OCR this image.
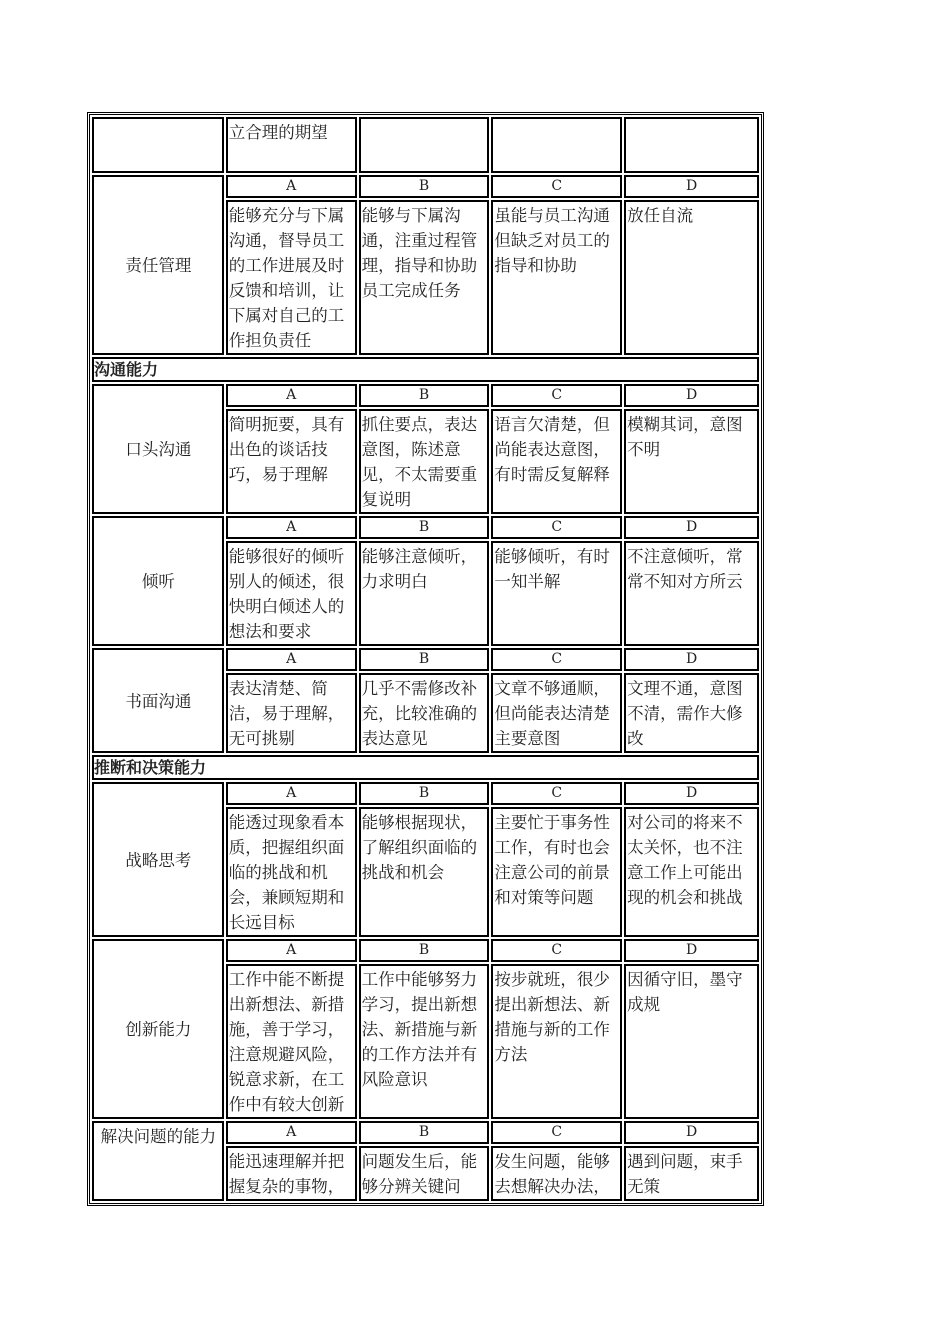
	立合理的期望			
责任管理	A	B	C	D
	能够充分与下属沟通，督导员工的工作进展及时反馈和培训，让下属对自己的工作担负责任	能够与下属沟通，注重过程管理，指导和协助员工完成任务	虽能与员工沟通但缺乏对员工的指导和协助	放任自流
沟通能力				
口头沟通	A	B	C	D
	简明扼要，具有出色的谈话技巧，易于理解	抓住要点，表达意图，陈述意见，不太需要重复说明	语言欠清楚，但尚能表达意图，有时需反复解释	模糊其词，意图不明
倾听	A	B	C	D
	能够很好的倾听别人的倾述，很快明白倾述人的想法和要求	能够注意倾听，力求明白	能够倾听，有时一知半解	不注意倾听，常常不知对方所云
书面沟通	A	B	C	D
	表达清楚、简洁，易于理解，无可挑剔	几乎不需修改补充，比较准确的表达意见	文章不够通顺，但尚能表达清楚主要意图	文理不通，意图不清，需作大修改
推断和决策能力				
战略思考	A	B	C	D
	能透过现象看本质，把握组织面临的挑战和机会，兼顾短期和长远目标	能够根据现状，了解组织面临的挑战和机会	主要忙于事务性工作，有时也会注意公司的前景和对策等问题	对公司的将来不太关怀，也不注意工作上可能出现的机会和挑战
创新能力	A	B	C	D
	工作中能不断提出新想法、新措施，善于学习，注意规避风险，锐意求新，在工作中有较大创新	工作中能够努力学习，提出新想法、新措施与新的工作方法并有风险意识	按步就班，很少提出新想法、新措施与新的工作方法	因循守旧，墨守成规
解决问题的能力	A	B	C	D
	能迅速理解并把握复杂的事物，	问题发生后，能够分辨关键问	发生问题，能够去想解决办法，	遇到问题，束手无策
